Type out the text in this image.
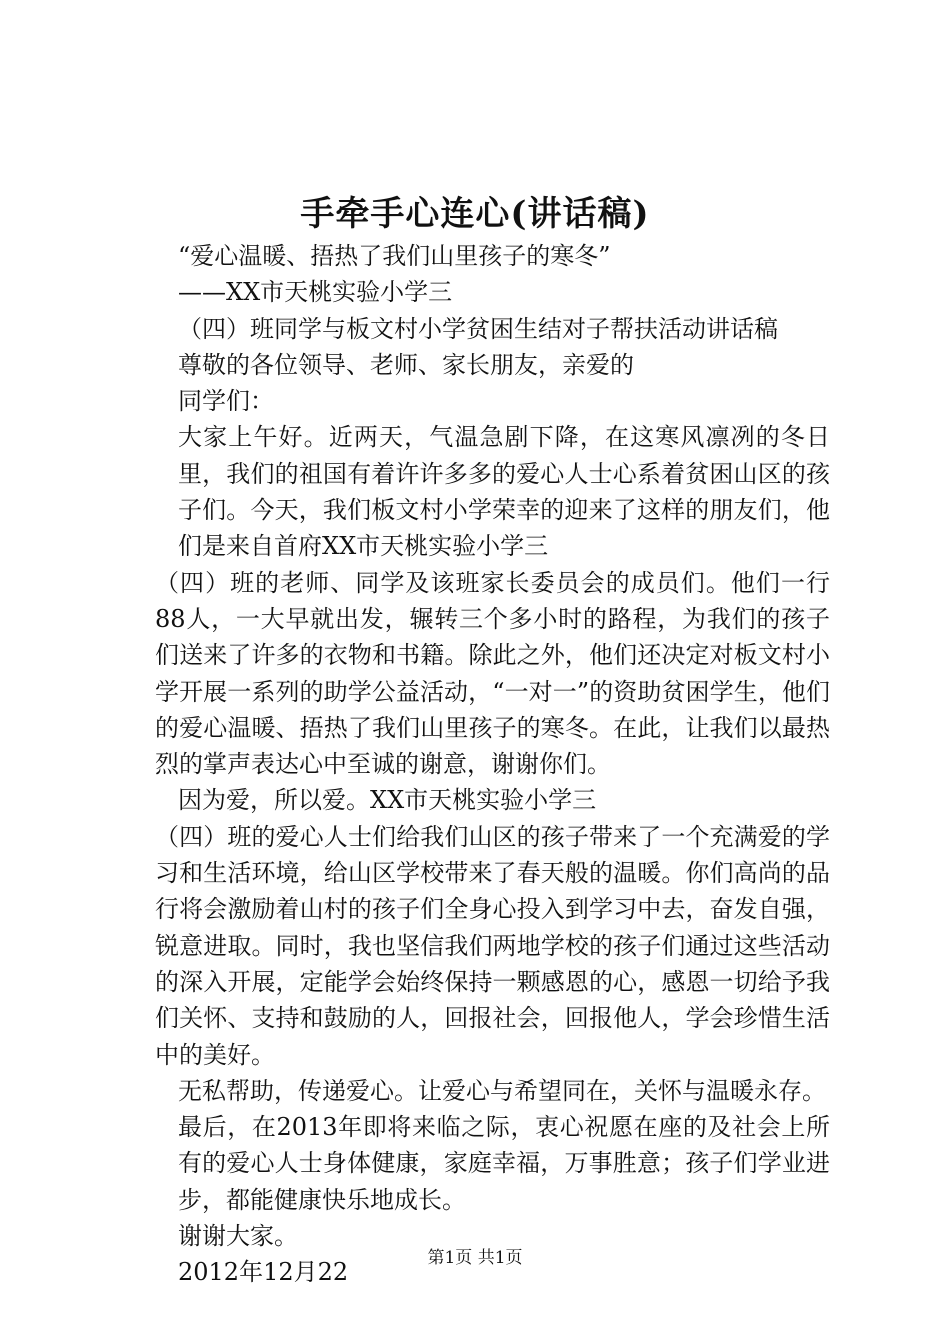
手牵手心连心(讲话稿)

“爱心温暖、捂热了我们山里孩子的寒冬”

——XX市天桃实验小学三

（四）班同学与板文村小学贫困生结对子帮扶活动讲话稿

尊敬的各位领导、老师、家长朋友，亲爱的

同学们：

大家上午好。近两天，气温急剧下降，在这寒风凛冽的冬日里，我们的祖国有着许许多多的爱心人士心系着贫困山区的孩子们。今天，我们板文村小学荣幸的迎来了这样的朋友们，他们是来自首府XX市天桃实验小学三

（四）班的老师、同学及该班家长委员会的成员们。他们一行88人，一大早就出发，辗转三个多小时的路程，为我们的孩子们送来了许多的衣物和书籍。除此之外，他们还决定对板文村小学开展一系列的助学公益活动，“一对一”的资助贫困学生，他们的爱心温暖、捂热了我们山里孩子的寒冬。在此，让我们以最热烈的掌声表达心中至诚的谢意，谢谢你们。

因为爱，所以爱。XX市天桃实验小学三

（四）班的爱心人士们给我们山区的孩子带来了一个充满爱的学习和生活环境，给山区学校带来了春天般的温暖。你们高尚的品行将会激励着山村的孩子们全身心投入到学习中去，奋发自强，锐意进取。同时，我也坚信我们两地学校的孩子们通过这些活动的深入开展，定能学会始终保持一颗感恩的心，感恩一切给予我们关怀、支持和鼓励的人，回报社会，回报他人，学会珍惜生活中的美好。

无私帮助，传递爱心。让爱心与希望同在，关怀与温暖永存。

最后，在2013年即将来临之际，衷心祝愿在座的及社会上所有的爱心人士身体健康，家庭幸福，万事胜意；孩子们学业进步，都能健康快乐地成长。

谢谢大家。

2012年12月22

第1页 共1页
